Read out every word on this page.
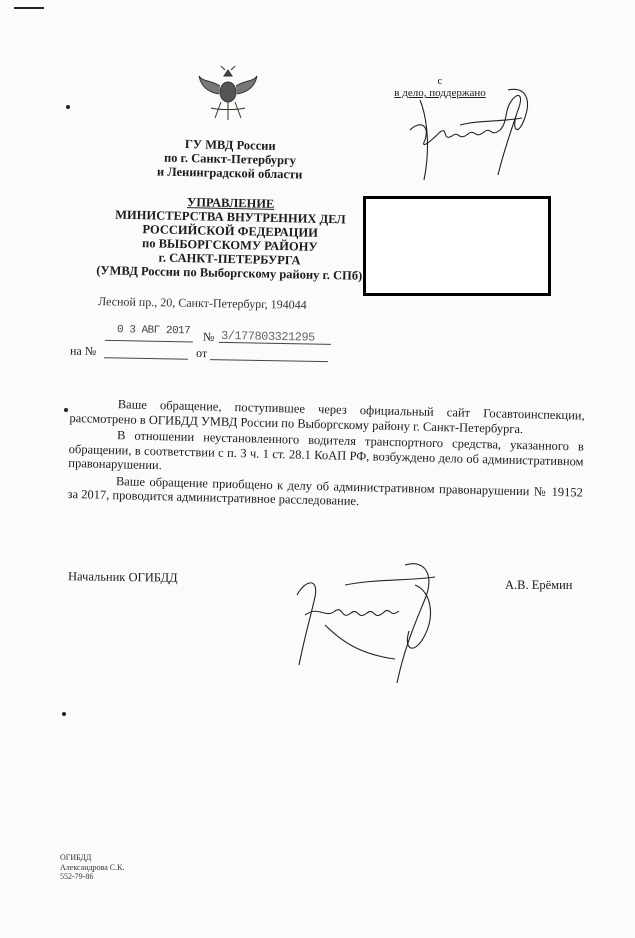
ГУ МВД России
по г. Санкт-Петербургу
и Ленинградской области
УПРАВЛЕНИЕ
МИНИСТЕРСТВА ВНУТРЕННИХ ДЕЛ
РОССИЙСКОЙ ФЕДЕРАЦИИ
по ВЫБОРГСКОМУ РАЙОНУ
г. САНКТ-ПЕТЕРБУРГА
(УМВД России по Выборгскому району г. СПб)
Лесной пр., 20, Санкт-Петербург, 194044
0 3 АВГ 2017 № 3/177803321295
на №	от
с
в дело, поддержано

Ваше обращение, поступившее через официальный сайт Госавтоинспекции, рассмотрено в ОГИБДД УМВД России по Выборгскому району г. Санкт-Петербурга.

В отношении неустановленного водителя транспортного средства, указанного в обращении, в соответствии с п. 3 ч. 1 ст. 28.1 КоАП РФ, возбуждено дело об административном правонарушении.

Ваше обращение приобщено к делу об административном правонарушении № 19152 за 2017, проводится административное расследование.

Начальник ОГИБДД
А.В. Ерёмин
ОГИБДД
Александрова С.К.
552-79-86
